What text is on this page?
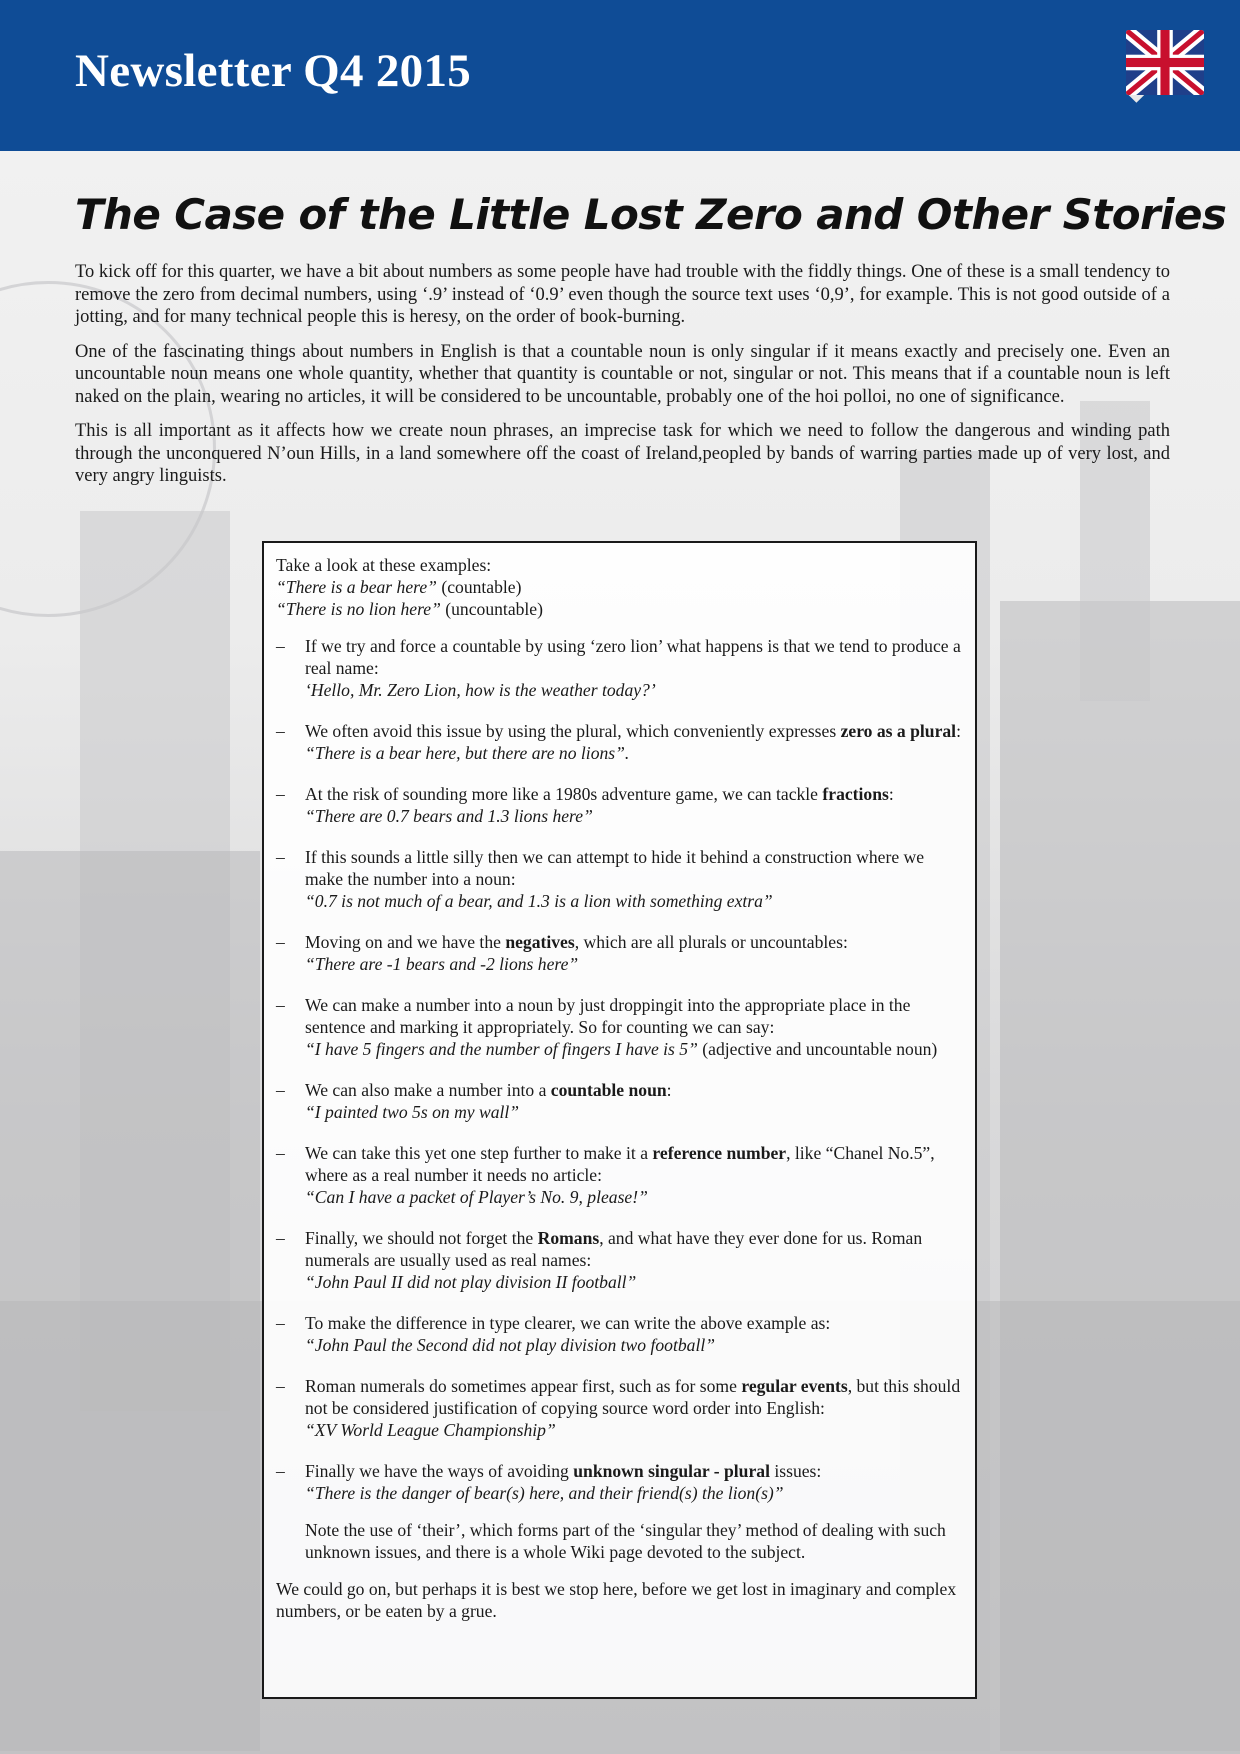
Newsletter Q4 2015
The Case of the Little Lost Zero and Other Stories

To kick off for this quarter, we have a bit about numbers as some people have had trouble with the fiddly things. One of these is a small tendency to remove the zero from decimal numbers, using ‘.9’ instead of ‘0.9’ even though the source text uses ‘0,9’, for example. This is not good outside of a jotting, and for many technical people this is heresy, on the order of book-burning.

One of the fascinating things about numbers in English is that a countable noun is only singular if it means exactly and precisely one. Even an uncountable noun means one whole quantity, whether that quantity is countable or not, singular or not. This means that if a countable noun is left naked on the plain, wearing no articles, it will be considered to be uncountable, probably one of the hoi polloi, no one of significance.

This is all important as it affects how we create noun phrases, an imprecise task for which we need to follow the dangerous and winding path through the unconquered N’oun Hills, in a land somewhere off the coast of Ireland,peopled by bands of warring parties made up of very lost, and very angry linguists.

Take a look at these examples:
“There is a bear here” (countable)
“There is no lion here” (uncountable)
– If we try and force a countable by using ‘zero lion’ what happens is that we tend to produce a real name:
‘Hello, Mr. Zero Lion, how is the weather today?’
– We often avoid this issue by using the plural, which conveniently expresses zero as a plural:
“There is a bear here, but there are no lions”.
– At the risk of sounding more like a 1980s adventure game, we can tackle fractions:
“There are 0.7 bears and 1.3 lions here”
– If this sounds a little silly then we can attempt to hide it behind a construction where we make the number into a noun:
“0.7 is not much of a bear, and 1.3 is a lion with something extra”
– Moving on and we have the negatives, which are all plurals or uncountables:
“There are -1 bears and -2 lions here”
– We can make a number into a noun by just droppingit into the appropriate place in the sentence and marking it appropriately. So for counting we can say:
“I have 5 fingers and the number of fingers I have is 5” (adjective and uncountable noun)
– We can also make a number into a countable noun:
“I painted two 5s on my wall”
– We can take this yet one step further to make it a reference number, like “Chanel No.5”, where as a real number it needs no article:
“Can I have a packet of Player’s No. 9, please!”
– Finally, we should not forget the Romans, and what have they ever done for us. Roman numerals are usually used as real names:
“John Paul II did not play division II football”
– To make the difference in type clearer, we can write the above example as:
“John Paul the Second did not play division two football”
– Roman numerals do sometimes appear first, such as for some regular events, but this should not be considered justification of copying source word order into English:
“XV World League Championship”
– Finally we have the ways of avoiding unknown singular - plural issues:
“There is the danger of bear(s) here, and their friend(s) the lion(s)”
Note the use of ‘their’, which forms part of the ‘singular they’ method of dealing with such unknown issues, and there is a whole Wiki page devoted to the subject.
We could go on, but perhaps it is best we stop here, before we get lost in imaginary and complex numbers, or be eaten by a grue.
